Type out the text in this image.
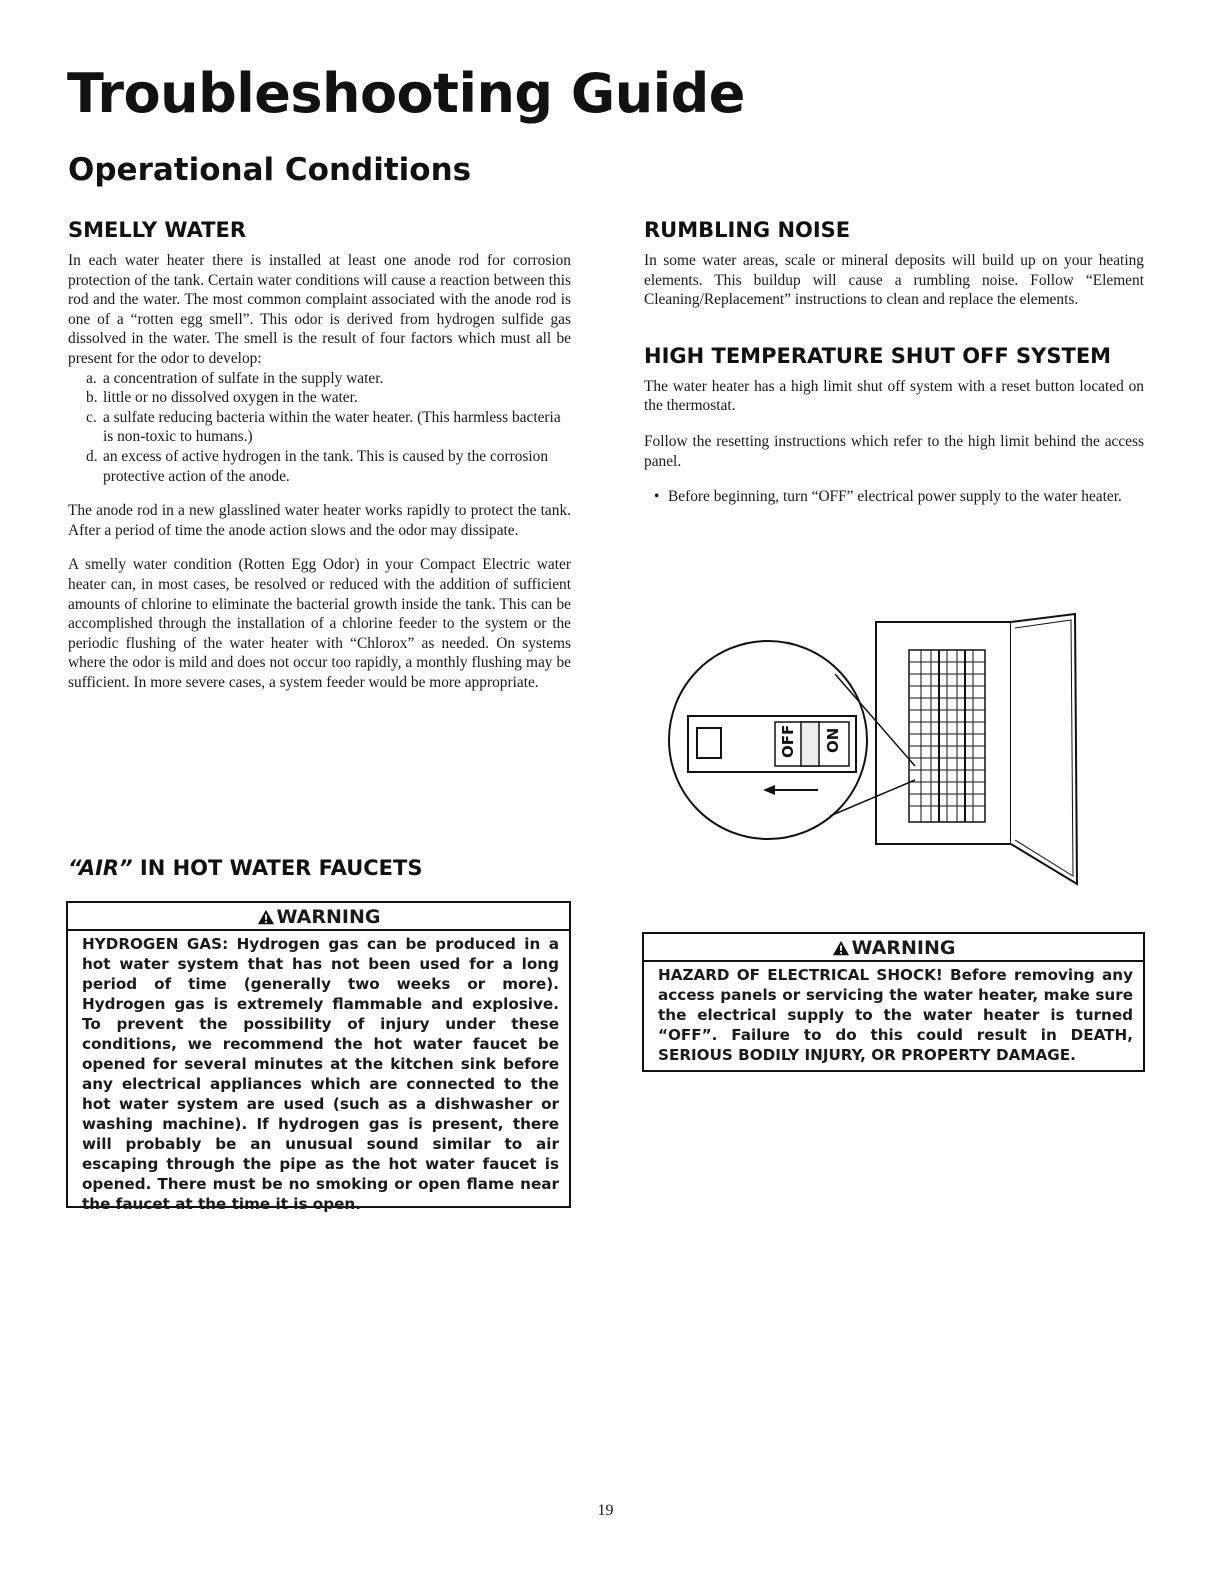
Troubleshooting Guide
Operational Conditions
SMELLY WATER

In each water heater there is installed at least one anode rod for corrosion protection of the tank. Certain water conditions will cause a reaction between this rod and the water. The most common complaint associated with the anode rod is one of a “rotten egg smell”. This odor is derived from hydrogen sulfide gas dissolved in the water. The smell is the result of four factors which must all be present for the odor to develop:

a. a concentration of sulfate in the supply water.
b. little or no dissolved oxygen in the water.
c. a sulfate reducing bacteria within the water heater. (This harmless bacteria is non-toxic to humans.)
d. an excess of active hydrogen in the tank. This is caused by the corrosion protective action of the anode.

The anode rod in a new glasslined water heater works rapidly to protect the tank. After a period of time the anode action slows and the odor may dissipate.

A smelly water condition (Rotten Egg Odor) in your Compact Electric water heater can, in most cases, be resolved or reduced with the addition of sufficient amounts of chlorine to eliminate the bacterial growth inside the tank. This can be accomplished through the installation of a chlorine feeder to the system or the periodic flushing of the water heater with “Chlorox” as needed. On systems where the odor is mild and does not occur too rapidly, a monthly flushing may be sufficient. In more severe cases, a system feeder would be more appropriate.

“AIR” IN HOT WATER FAUCETS
WARNING
HYDROGEN GAS: Hydrogen gas can be produced in a hot water system that has not been used for a long period of time (generally two weeks or more). Hydrogen gas is extremely flammable and explosive. To prevent the possibility of injury under these conditions, we recommend the hot water faucet be opened for several minutes at the kitchen sink before any electrical appliances which are connected to the hot water system are used (such as a dishwasher or washing machine). If hydrogen gas is present, there will probably be an unusual sound similar to air escaping through the pipe as the hot water faucet is opened. There must be no smoking or open flame near the faucet at the time it is open.
RUMBLING NOISE

In some water areas, scale or mineral deposits will build up on your heating elements. This buildup will cause a rumbling noise. Follow “Element Cleaning/Replacement” instructions to clean and replace the elements.

HIGH TEMPERATURE SHUT OFF SYSTEM

The water heater has a high limit shut off system with a reset button located on the thermostat.

Follow the resetting instructions which refer to the high limit behind the access panel.

• Before beginning, turn “OFF” electrical power supply to the water heater.
OFF ON
WARNING
HAZARD OF ELECTRICAL SHOCK! Before removing any access panels or servicing the water heater, make sure the electrical supply to the water heater is turned “OFF”. Failure to do this could result in DEATH, SERIOUS BODILY INJURY, OR PROPERTY DAMAGE.
19
